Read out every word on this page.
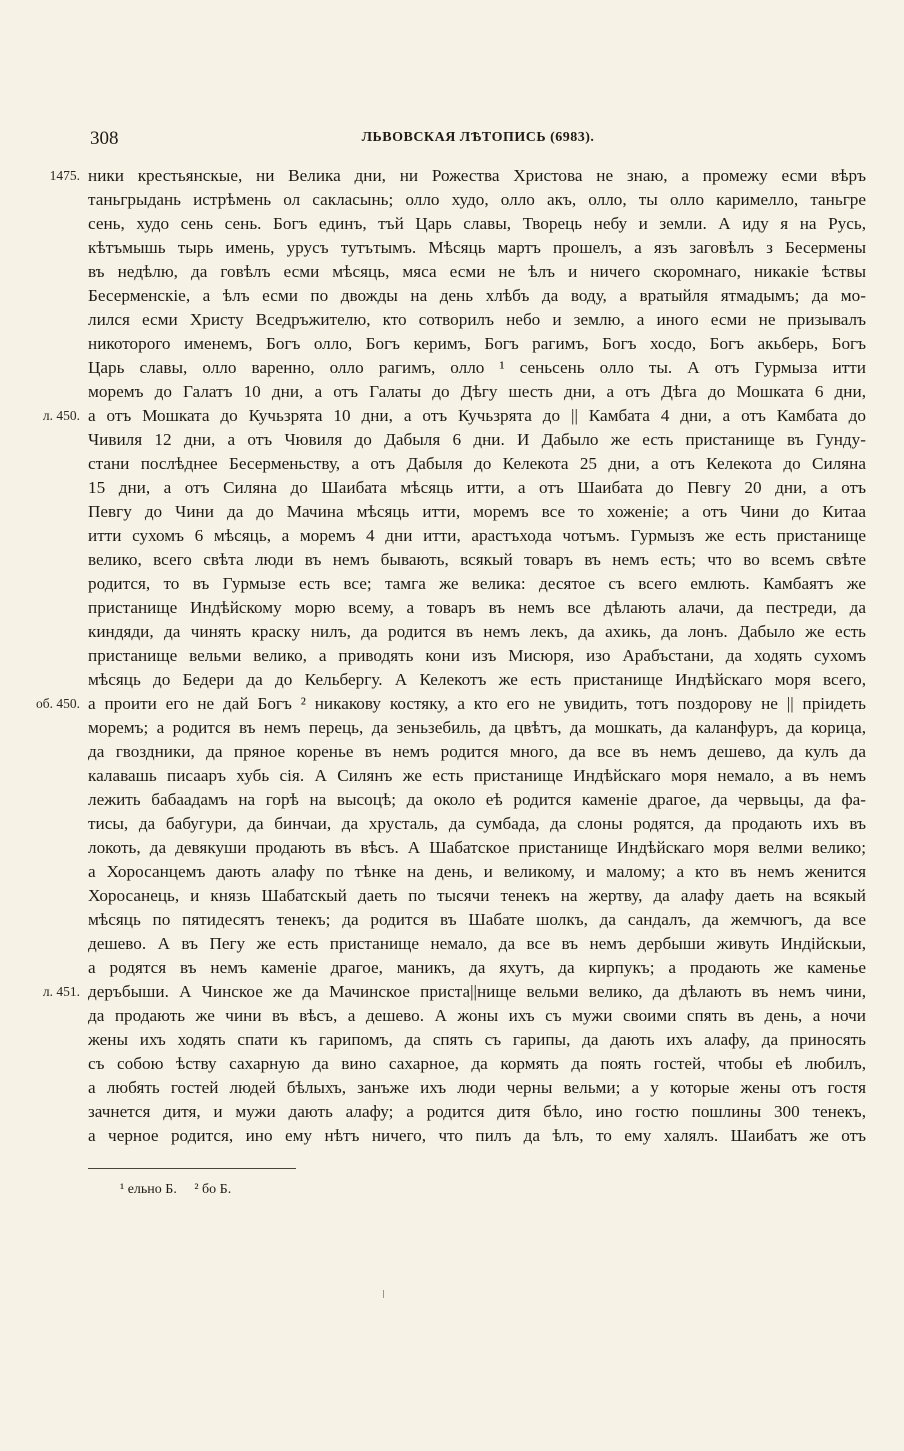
308	ЛЬВОВСКАЯ ЛѢТОПИСЬ (6983).
1475.
л. 450.
об. 450.
л. 451.
ники крестьянскые, ни Велика дни, ни Рожества Христова не знаю, а промежу есми вѣръ
таньгрыдань истрѣмень ол сакласынь; олло худо, олло акъ, олло, ты олло каримелло, таньгре
сень, худо сень сень. Богъ единъ, тъй Царь славы, Творець небу и земли. А иду я на Русь,
кѣтъмышь тырь имень, урусъ тутътымъ. Мѣсяць мартъ прошелъ, а язъ заговѣлъ з Бесермены
въ недѣлю, да говѣлъ есми мѣсяць, мяса есми не ѣлъ и ничего скоромнаго, никакіе ѣствы
Бесерменскіе, а ѣлъ есми по двожды на день хлѣбъ да воду, а вратыйля ятмадымъ; да мо-
лился есми Христу Вседръжителю, кто сотворилъ небо и землю, а иного есми не призывалъ
никоторого именемъ, Богъ олло, Богъ керимъ, Богъ рагимъ, Богъ хосдо, Богъ акьберь, Богъ
Царь славы, олло варенно, олло рагимъ, олло ¹ сеньсень олло ты. А отъ Гурмыза итти
моремъ до Галатъ 10 дни, а отъ Галаты до Дѣгу шесть дни, а отъ Дѣга до Мошката 6 дни,
а отъ Мошката до Кучьзрята 10 дни, а отъ Кучьзрята до || Камбата 4 дни, а отъ Камбата до
Чивиля 12 дни, а отъ Чювиля до Дабыля 6 дни. И Дабыло же есть пристанище въ Гунду-
стани послѣднее Бесерменьству, а отъ Дабыля до Келекота 25 дни, а отъ Келекота до Силяна
15 дни, а отъ Силяна до Шаибата мѣсяць итти, а отъ Шаибата до Певгу 20 дни, а отъ
Певгу до Чини да до Мачина мѣсяць итти, моремъ все то хоженіе; а отъ Чини до Китаа
итти сухомъ 6 мѣсяць, а моремъ 4 дни итти, арастъхода чотъмъ. Гурмызъ же есть пристанище
велико, всего свѣта люди въ немъ бывають, всякый товаръ въ немъ есть; что во всемъ свѣте
родится, то въ Гурмызе есть все; тамга же велика: десятое съ всего емлють. Камбаятъ же
пристанище Индѣйскому морю всему, а товаръ въ немъ все дѣлають алачи, да пестреди, да
киндяди, да чинять краску нилъ, да родится въ немъ лекъ, да ахикь, да лонъ. Дабыло же есть
пристанище вельми велико, а приводять кони изъ Мисюря, изо Арабъстани, да ходять сухомъ
мѣсяць до Бедери да до Кельбергу. А Келекотъ же есть пристанище Индѣйскаго моря всего,
а проити его не дай Богъ ² никакову костяку, а кто его не увидить, тотъ поздорову не || пріидеть
моремъ; а родится въ немъ перець, да зеньзебиль, да цвѣтъ, да мошкать, да каланфуръ, да корица,
да гвоздники, да пряное коренье въ немъ родится много, да все въ немъ дешево, да кулъ да
калавашь писааръ хубь сія. А Силянъ же есть пристанище Индѣйскаго моря немало, а въ немъ
лежить бабаадамъ на горѣ на высоцѣ; да около еѣ родится каменіе драгое, да червьцы, да фа-
тисы, да бабугури, да бинчаи, да хрусталь, да сумбада, да слоны родятся, да продають ихъ въ
локоть, да девякуши продають въ вѣсъ. А Шабатское пристанище Индѣйскаго моря велми велико;
а Хоросанцемъ дають алафу по тѣнке на день, и великому, и малому; а кто въ немъ женится
Хоросанець, и князь Шабатскый даеть по тысячи тенекъ на жертву, да алафу даеть на всякый
мѣсяць по пятидесятъ тенекъ; да родится въ Шабате шолкъ, да сандалъ, да жемчюгъ, да все
дешево. А въ Пегу же есть пристанище немало, да все въ немъ дербыши живуть Индійскыи,
а родятся въ немъ каменіе драгое, маникъ, да яхутъ, да кирпукъ; а продають же каменье
деръбыши. А Чинское же да Мачинское приста||нище вельми велико, да дѣлають въ немъ чини,
да продають же чини въ вѣсъ, а дешево. А жоны ихъ съ мужи своими спять въ день, а ночи
жены ихъ ходять спати къ гарипомъ, да спять съ гарипы, да дають ихъ алафу, да приносять
съ собою ѣству сахарную да вино сахарное, да кормять да поять гостей, чтобы еѣ любилъ,
а любять гостей людей бѣлыхъ, занъже ихъ люди черны вельми; а у которые жены отъ гостя
зачнется дитя, и мужи дають алафу; а родится дитя бѣло, ино гостю пошлины 300 тенекъ,
а черное родится, ино ему нѣтъ ничего, что пилъ да ѣлъ, то ему халялъ. Шаибатъ же отъ
¹ ельно Б. ² бо Б.
